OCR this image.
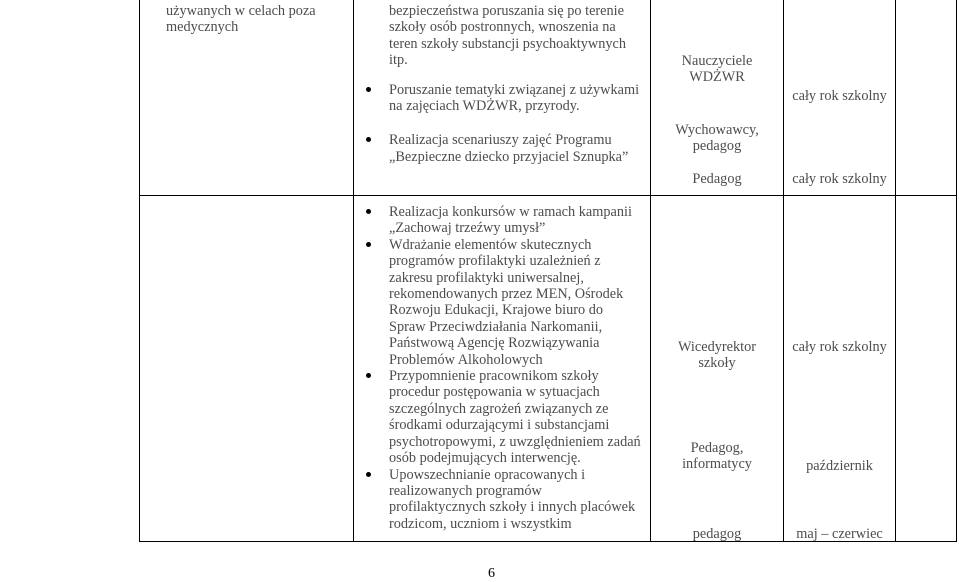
używanych w celach poza
medycznych
bezpieczeństwa poruszania się po terenie
szkoły osób postronnych, wnoszenia na
teren szkoły substancji psychoaktywnych
itp.
Poruszanie tematyki związanej z używkami
na zajęciach WDŻWR, przyrody.
Realizacja scenariuszy zajęć Programu
„Bezpieczne dziecko przyjaciel Sznupka”
Nauczyciele
WDŻWR
Wychowawcy,
pedagog
Pedagog
cały rok szkolny
cały rok szkolny
Realizacja konkursów w ramach kampanii
„Zachowaj trzeźwy umysł”
Wdrażanie elementów skutecznych
programów profilaktyki uzależnień z
zakresu profilaktyki uniwersalnej,
rekomendowanych przez MEN, Ośrodek
Rozwoju Edukacji, Krajowe biuro do
Spraw Przeciwdziałania Narkomanii,
Państwową Agencję Rozwiązywania
Problemów Alkoholowych
Przypomnienie pracownikom szkoły
procedur postępowania w sytuacjach
szczególnych zagrożeń związanych ze
środkami odurzającymi i substancjami
psychotropowymi, z uwzględnieniem zadań
osób podejmujących interwencję.
Upowszechnianie opracowanych i
realizowanych programów
profilaktycznych szkoły i innych placówek
rodzicom, uczniom i wszystkim
Wicedyrektor
szkoły
Pedagog,
informatycy
pedagog
cały rok szkolny
październik
maj – czerwiec
6
